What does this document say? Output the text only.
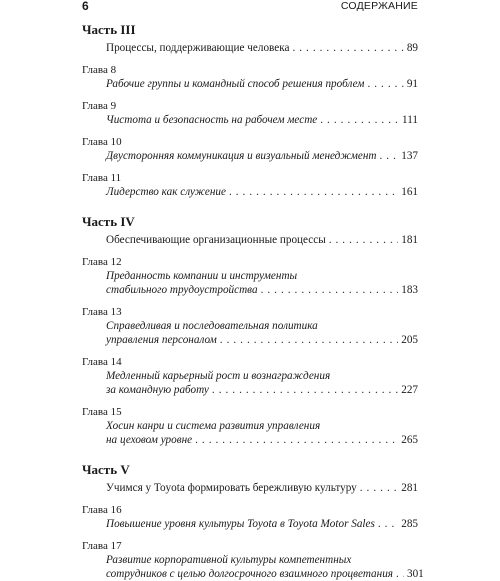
6	СОДЕРЖАНИЕ
Часть III
Процессы, поддерживающие человека . . .	89
Глава 8
Рабочие группы и командный способ решения проблем . . .	91
Глава 9
Чистота и безопасность на рабочем месте . . .	111
Глава 10
Двусторонняя коммуникация и визуальный менеджмент . . . 137
Глава 11
Лидерство как служение . . .	161
Часть IV
Обеспечивающие организационные процессы . . .	181
Глава 12
Преданность компании и инструменты
стабильного трудоустройства . . .	183
Глава 13
Справедливая и последовательная политика
управления персоналом . . .	205
Глава 14
Медленный карьерный рост и вознаграждения
за командную работу . . .	227
Глава 15
Хосин канри и система развития управления
на цеховом уровне . . .	265
Часть V
Учимся у Toyota формировать бережливую культуру . . .	281
Глава 16
Повышение уровня культуры Toyota в Toyota Motor Sales . . . 285
Глава 17
Развитие корпоративной культуры компетентных
сотрудников с целью долгосрочного взаимного процветания . . . 301
